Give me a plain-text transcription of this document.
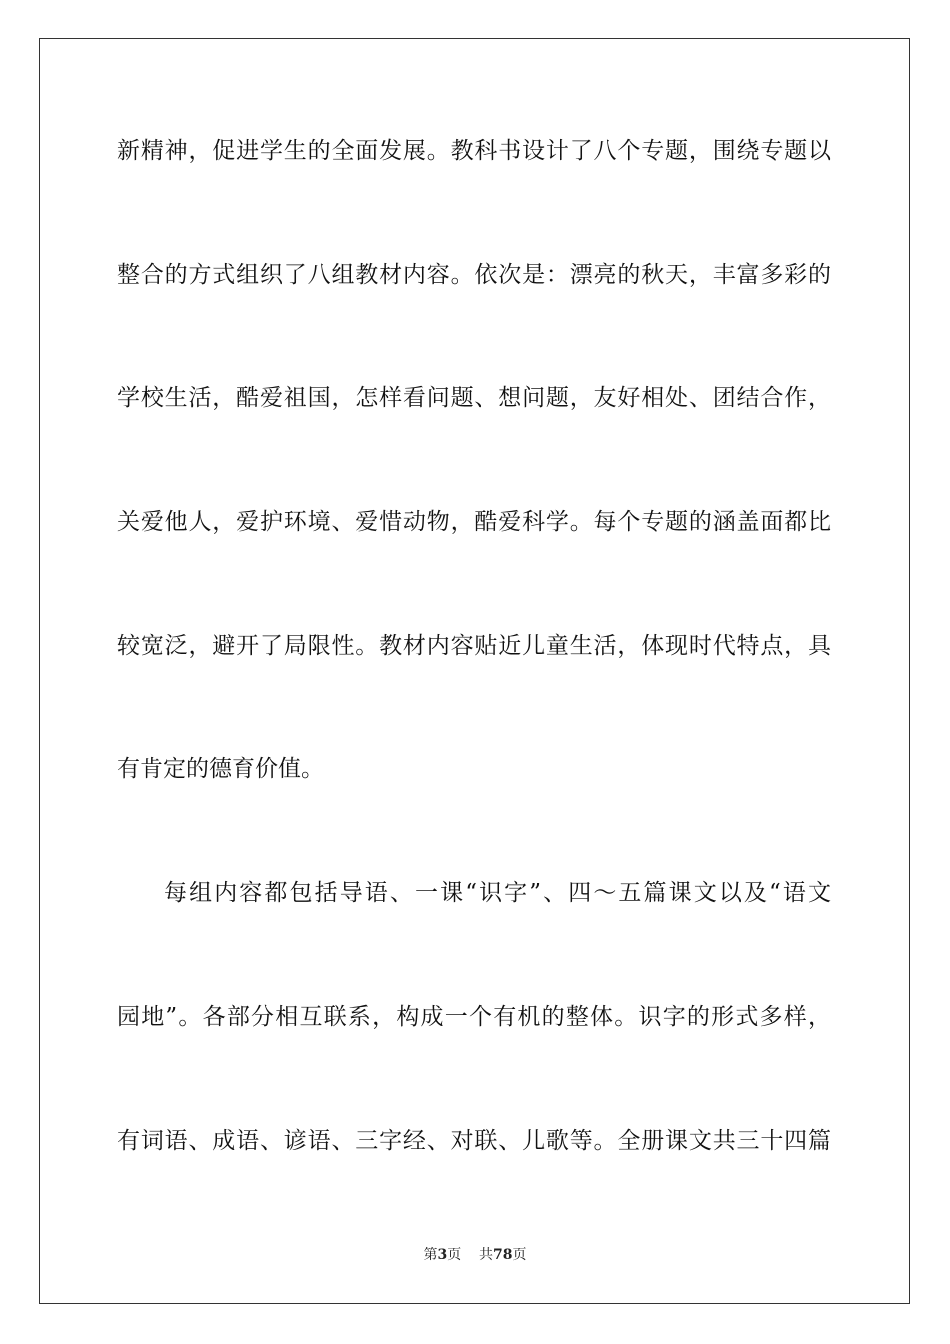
新精神，促进学生的全面发展。教科书设计了八个专题，围绕专题以

整合的方式组织了八组教材内容。依次是：漂亮的秋天，丰富多彩的

学校生活，酷爱祖国，怎样看问题、想问题，友好相处、团结合作，

关爱他人，爱护环境、爱惜动物，酷爱科学。每个专题的涵盖面都比

较宽泛，避开了局限性。教材内容贴近儿童生活，体现时代特点，具

有肯定的德育价值。

每组内容都包括导语、一课“识字”、四～五篇课文以及“语文

园地”。各部分相互联系，构成一个有机的整体。识字的形式多样，

有词语、成语、谚语、三字经、对联、儿歌等。全册课文共三十四篇

第3页 共78页
